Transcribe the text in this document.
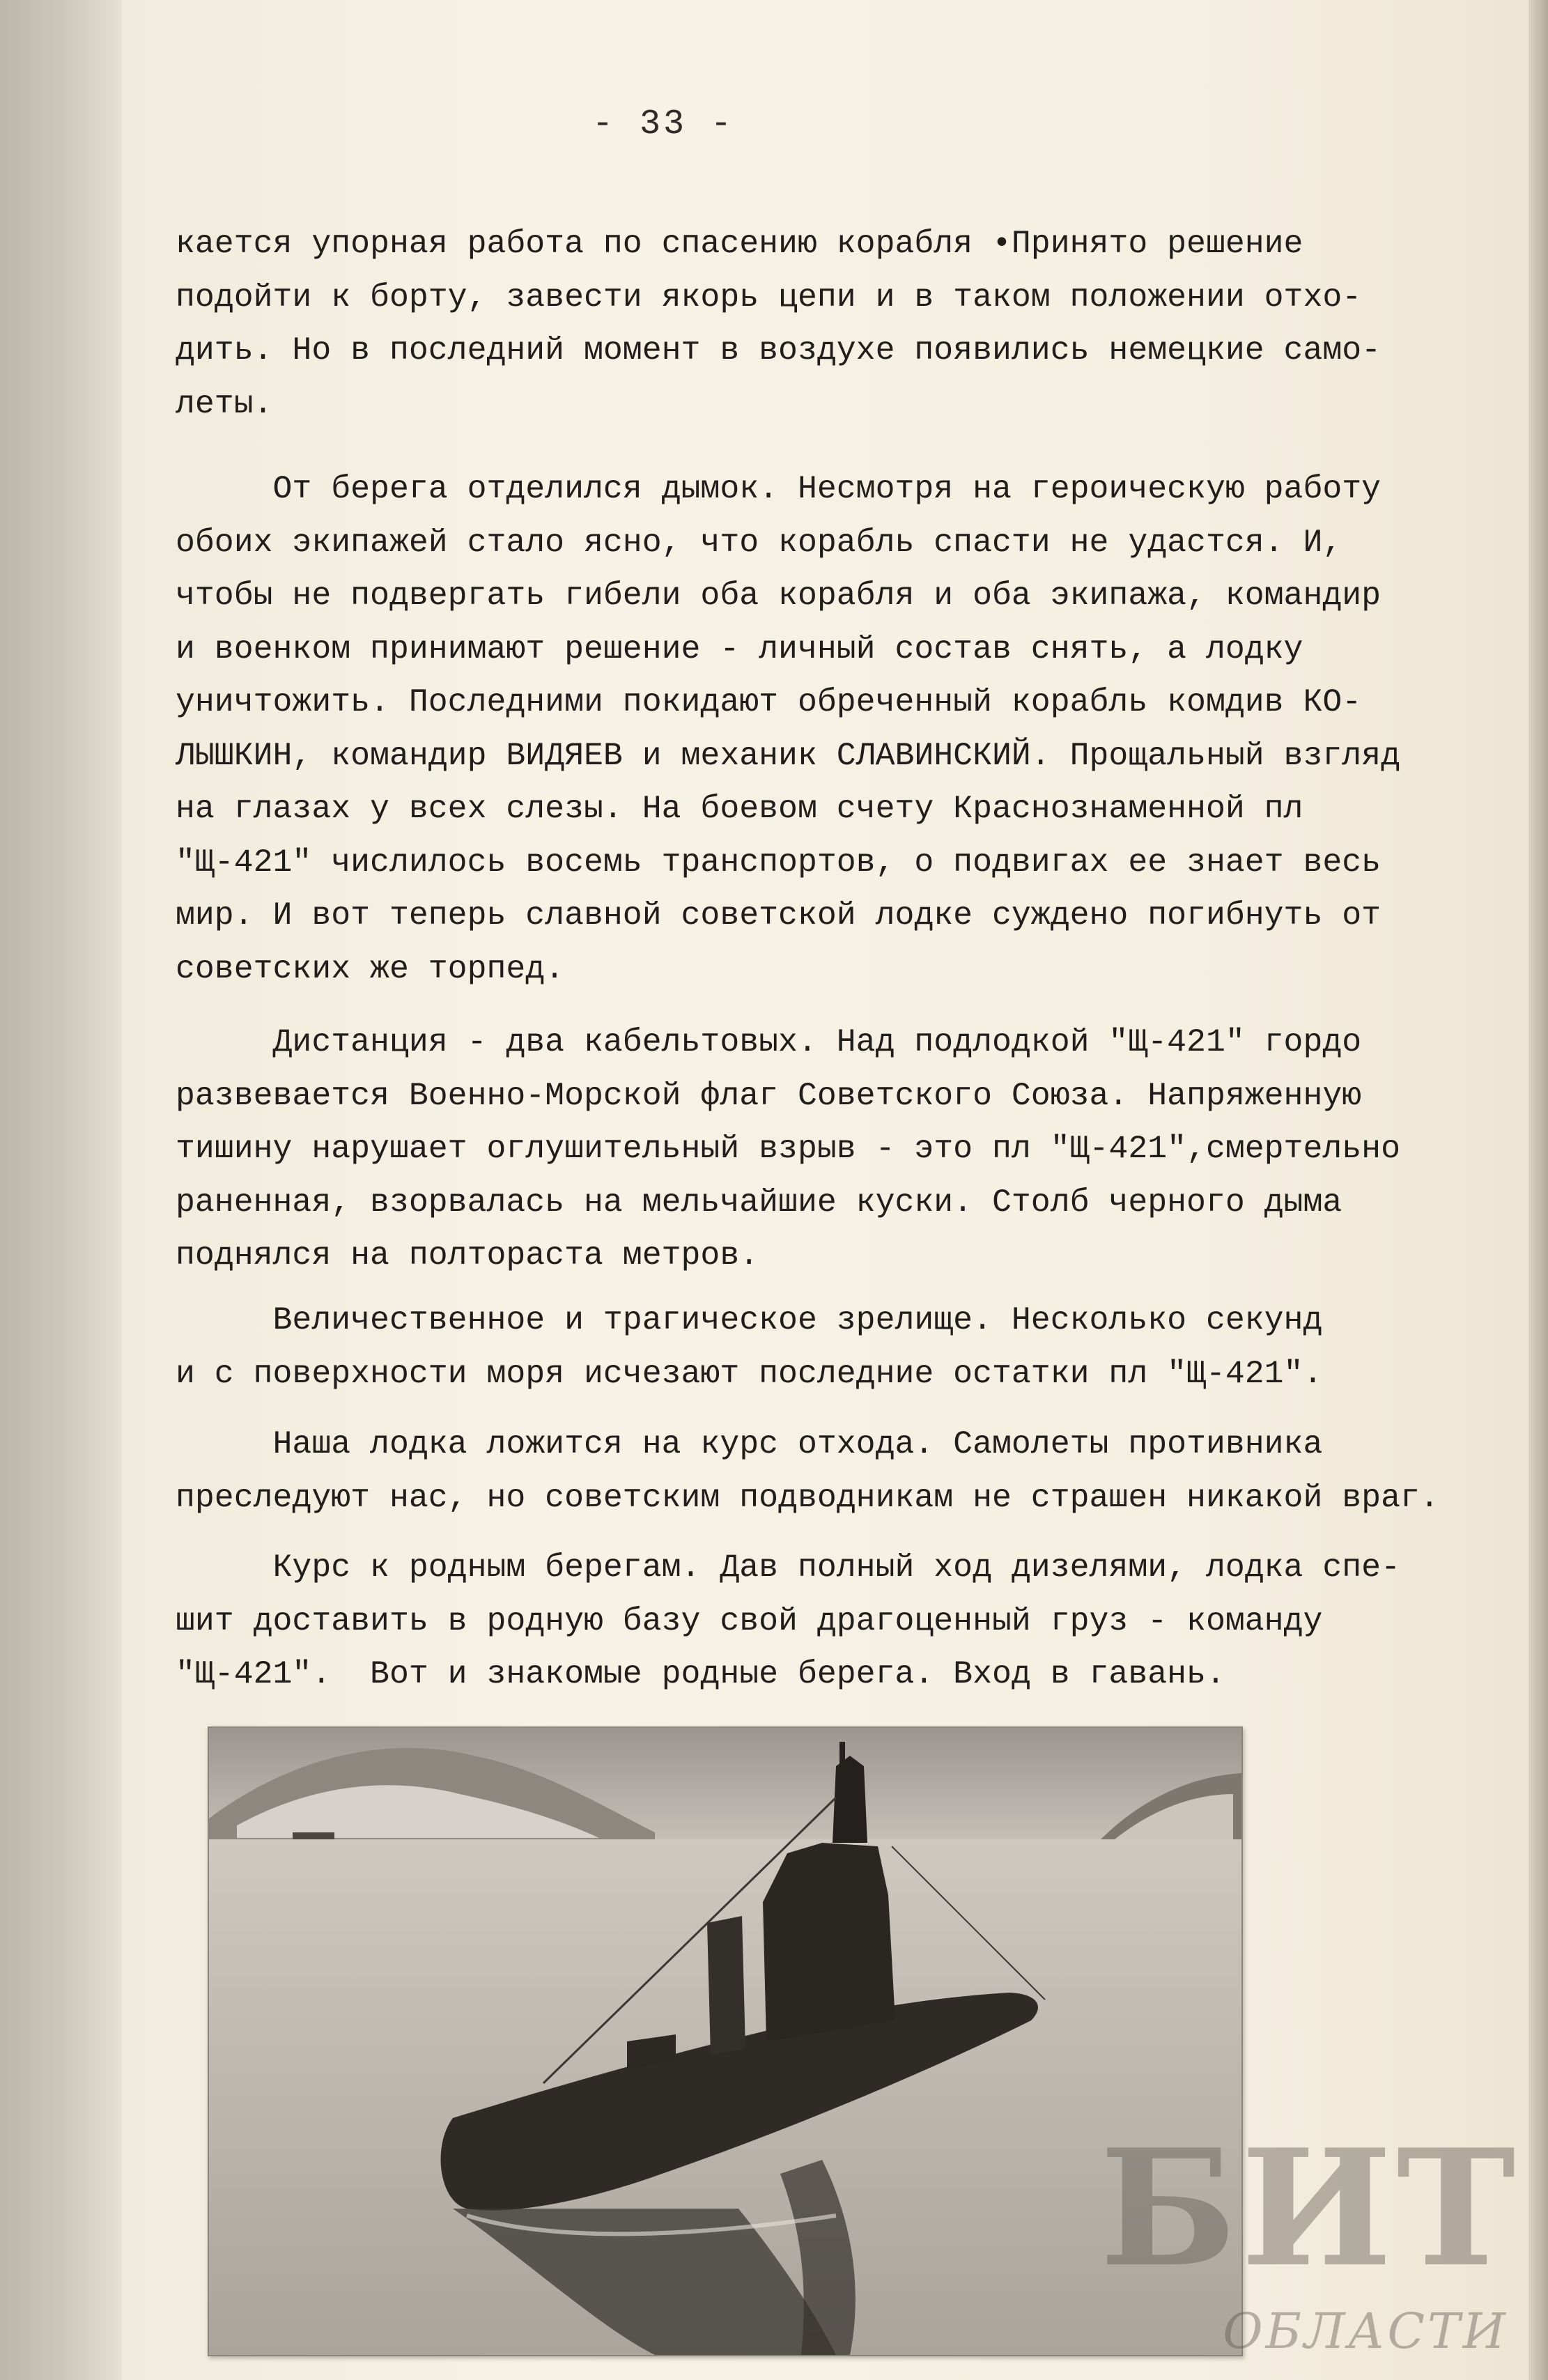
- 33 -

кается упорная работа по спасению корабля •Принято решение
подойти к борту, завести якорь цепи и в таком положении отхо-
дить. Но в последний момент в воздухе появились немецкие само-
леты.

От берега отделился дымок. Несмотря на героическую работу
обоих экипажей стало ясно, что корабль спасти не удастся. И,
чтобы не подвергать гибели оба корабля и оба экипажа, командир
и военком принимают решение - личный состав снять, а лодку
уничтожить. Последними покидают обреченный корабль комдив КО-
ЛЫШКИН, командир ВИДЯЕВ и механик СЛАВИНСКИЙ. Прощальный взгляд
на глазах у всех слезы. На боевом счету Краснознаменной пл
"Щ-421" числилось восемь транспортов, о подвигах ее знает весь
мир. И вот теперь славной советской лодке суждено погибнуть от
советских же торпед.

Дистанция - два кабельтовых. Над подлодкой "Щ-421" гордо
развевается Военно-Морской флаг Советского Союза. Напряженную
тишину нарушает оглушительный взрыв - это пл "Щ-421",смертельно
раненная, взорвалась на мельчайшие куски. Столб черного дыма
поднялся на полтораста метров.

Величественное и трагическое зрелище. Несколько секунд
и с поверхности моря исчезают последние остатки пл "Щ-421".

Наша лодка ложится на курс отхода. Самолеты противника
преследуют нас, но советским подводникам не страшен никакой враг.

Курс к родным берегам. Дав полный ход дизелями, лодка спе-
шит доставить в родную базу свой драгоценный груз - команду
"Щ-421".  Вот и знакомые родные берега. Вход в гавань.

БИТ
ОБЛАСТИ
